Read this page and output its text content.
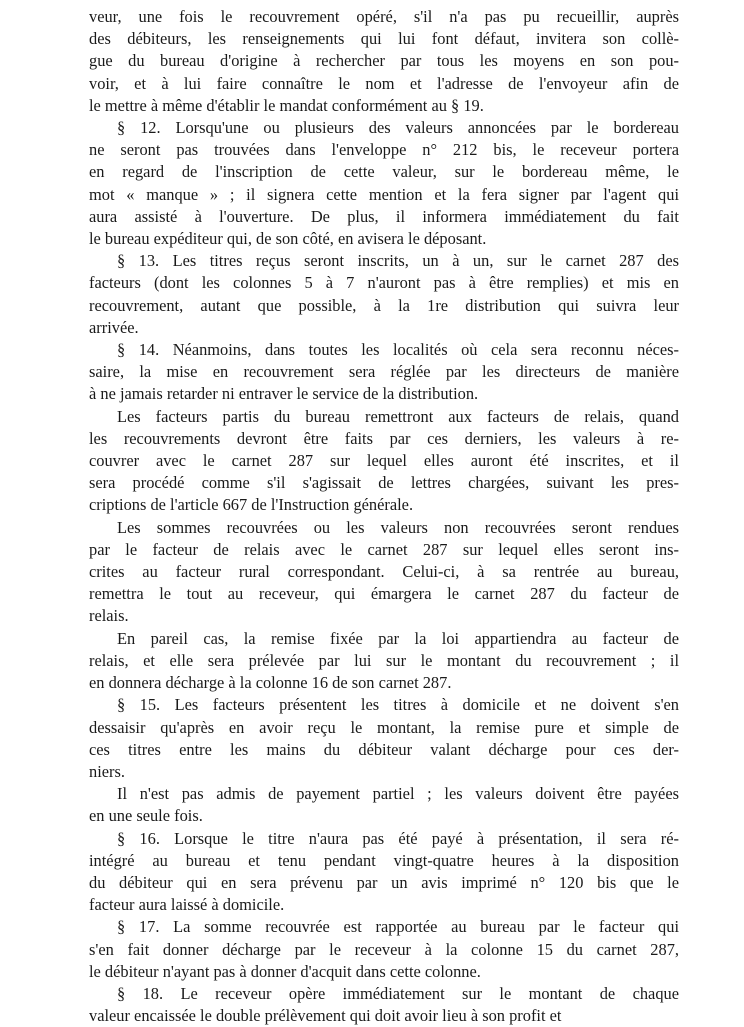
veur, une fois le recouvrement opéré, s'il n'a pas pu recueillir, auprès
des débiteurs, les renseignements qui lui font défaut, invitera son collè-
gue du bureau d'origine à rechercher par tous les moyens en son pou-
voir, et à lui faire connaître le nom et l'adresse de l'envoyeur afin de
le mettre à même d'établir le mandat conformément au § 19.
§ 12. Lorsqu'une ou plusieurs des valeurs annoncées par le bordereau
ne seront pas trouvées dans l'enveloppe n° 212 bis, le receveur portera
en regard de l'inscription de cette valeur, sur le bordereau même, le
mot « manque » ; il signera cette mention et la fera signer par l'agent qui
aura assisté à l'ouverture. De plus, il informera immédiatement du fait
le bureau expéditeur qui, de son côté, en avisera le déposant.
§ 13. Les titres reçus seront inscrits, un à un, sur le carnet 287 des
facteurs (dont les colonnes 5 à 7 n'auront pas à être remplies) et mis en
recouvrement, autant que possible, à la 1re distribution qui suivra leur
arrivée.
§ 14. Néanmoins, dans toutes les localités où cela sera reconnu néces-
saire, la mise en recouvrement sera réglée par les directeurs de manière
à ne jamais retarder ni entraver le service de la distribution.
Les facteurs partis du bureau remettront aux facteurs de relais, quand
les recouvrements devront être faits par ces derniers, les valeurs à re-
couvrer avec le carnet 287 sur lequel elles auront été inscrites, et il
sera procédé comme s'il s'agissait de lettres chargées, suivant les pres-
criptions de l'article 667 de l'Instruction générale.
Les sommes recouvrées ou les valeurs non recouvrées seront rendues
par le facteur de relais avec le carnet 287 sur lequel elles seront ins-
crites au facteur rural correspondant. Celui-ci, à sa rentrée au bureau,
remettra le tout au receveur, qui émargera le carnet 287 du facteur de
relais.
En pareil cas, la remise fixée par la loi appartiendra au facteur de
relais, et elle sera prélevée par lui sur le montant du recouvrement ; il
en donnera décharge à la colonne 16 de son carnet 287.
§ 15. Les facteurs présentent les titres à domicile et ne doivent s'en
dessaisir qu'après en avoir reçu le montant, la remise pure et simple de
ces titres entre les mains du débiteur valant décharge pour ces der-
niers.
Il n'est pas admis de payement partiel ; les valeurs doivent être payées
en une seule fois.
§ 16. Lorsque le titre n'aura pas été payé à présentation, il sera ré-
intégré au bureau et tenu pendant vingt-quatre heures à la disposition
du débiteur qui en sera prévenu par un avis imprimé n° 120 bis que le
facteur aura laissé à domicile.
§ 17. La somme recouvrée est rapportée au bureau par le facteur qui
s'en fait donner décharge par le receveur à la colonne 15 du carnet 287,
le débiteur n'ayant pas à donner d'acquit dans cette colonne.
§ 18. Le receveur opère immédiatement sur le montant de chaque
valeur encaissée le double prélèvement qui doit avoir lieu à son profit et
